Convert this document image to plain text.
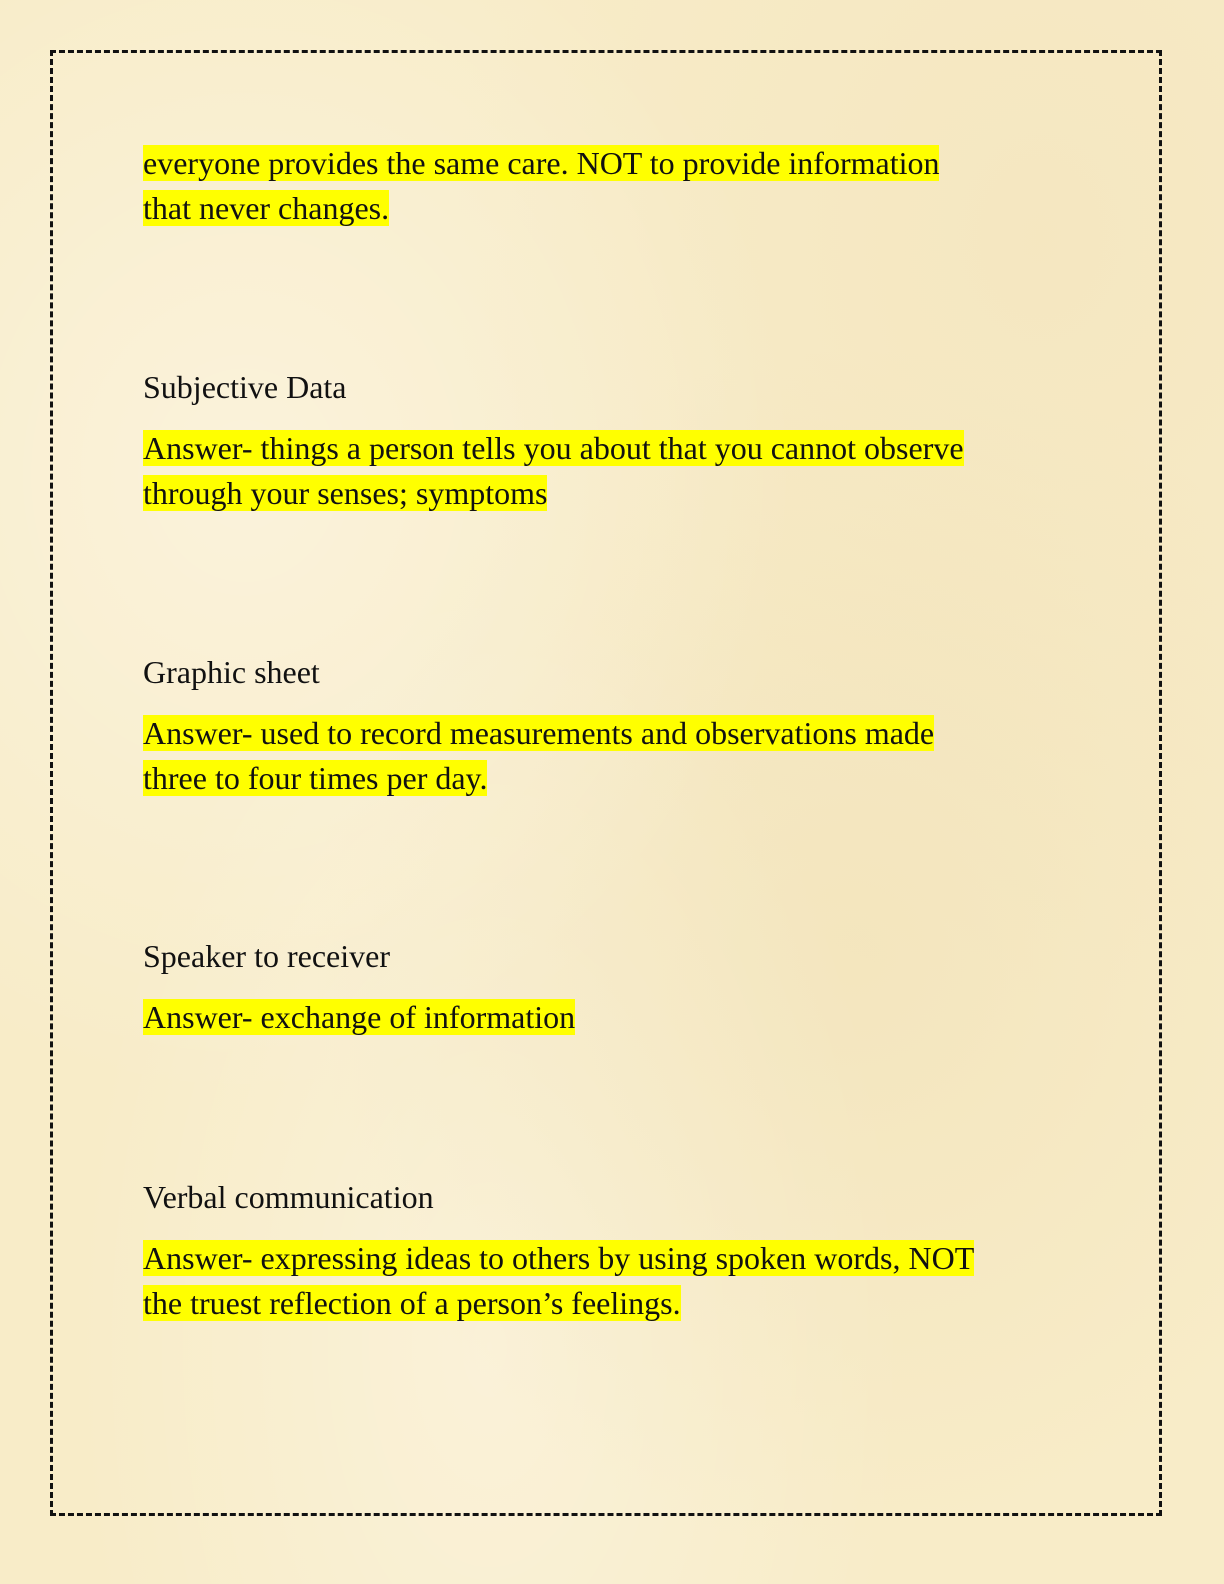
everyone provides the same care. NOT to provide information
that never changes.

Subjective Data

Answer- things a person tells you about that you cannot observe
through your senses; symptoms

Graphic sheet

Answer- used to record measurements and observations made
three to four times per day.

Speaker to receiver

Answer- exchange of information

Verbal communication

Answer- expressing ideas to others by using spoken words, NOT
the truest reflection of a person’s feelings.
